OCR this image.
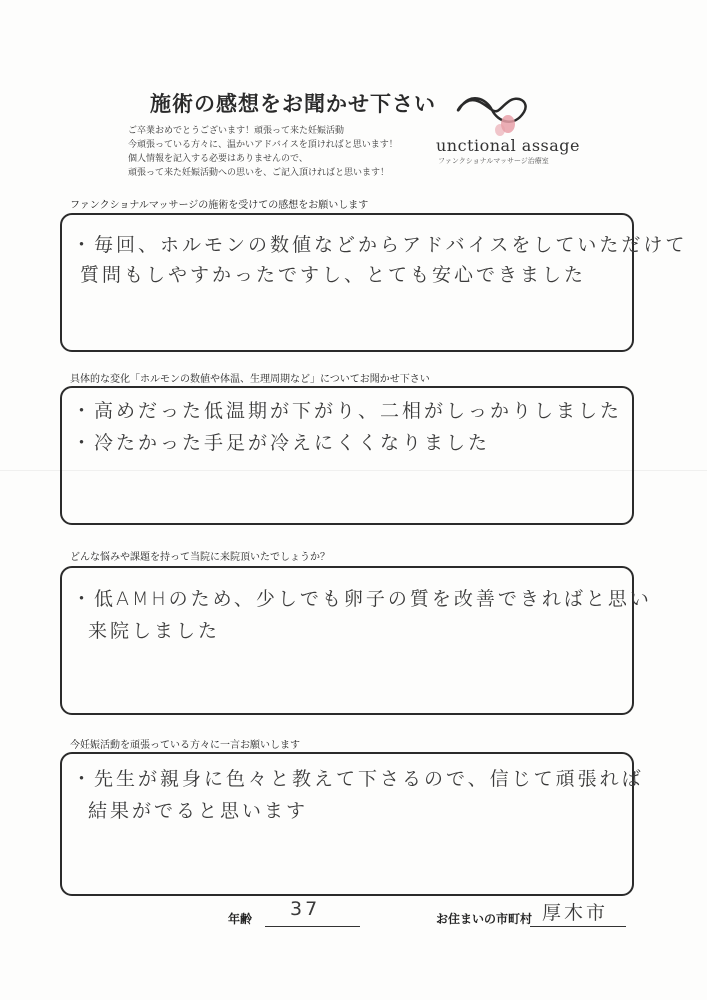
施術の感想をお聞かせ下さい
ご卒業おめでとうございます！頑張って来た妊娠活動
今頑張っている方々に、温かいアドバイスを頂ければと思います！
個人情報を記入する必要はありませんので、
頑張って来た妊娠活動への思いを、ご記入頂ければと思います！
unctional assage
ファンクショナルマッサージ治療室
ファンクショナルマッサージの施術を受けての感想をお願いします
・毎回、ホルモンの数値などからアドバイスをしていただけて
質問もしやすかったですし、とても安心できました
具体的な変化「ホルモンの数値や体温、生理周期など」についてお聞かせ下さい
・高めだった低温期が下がり、二相がしっかりしました
・冷たかった手足が冷えにくくなりました
どんな悩みや課題を持って当院に来院頂いたでしょうか？
・低AMHのため、少しでも卵子の質を改善できればと思い
来院しました
今妊娠活動を頑張っている方々に一言お願いします
・先生が親身に色々と教えて下さるので、信じて頑張れば
結果がでると思います
年齢 37	お住まいの市町村 厚木市
